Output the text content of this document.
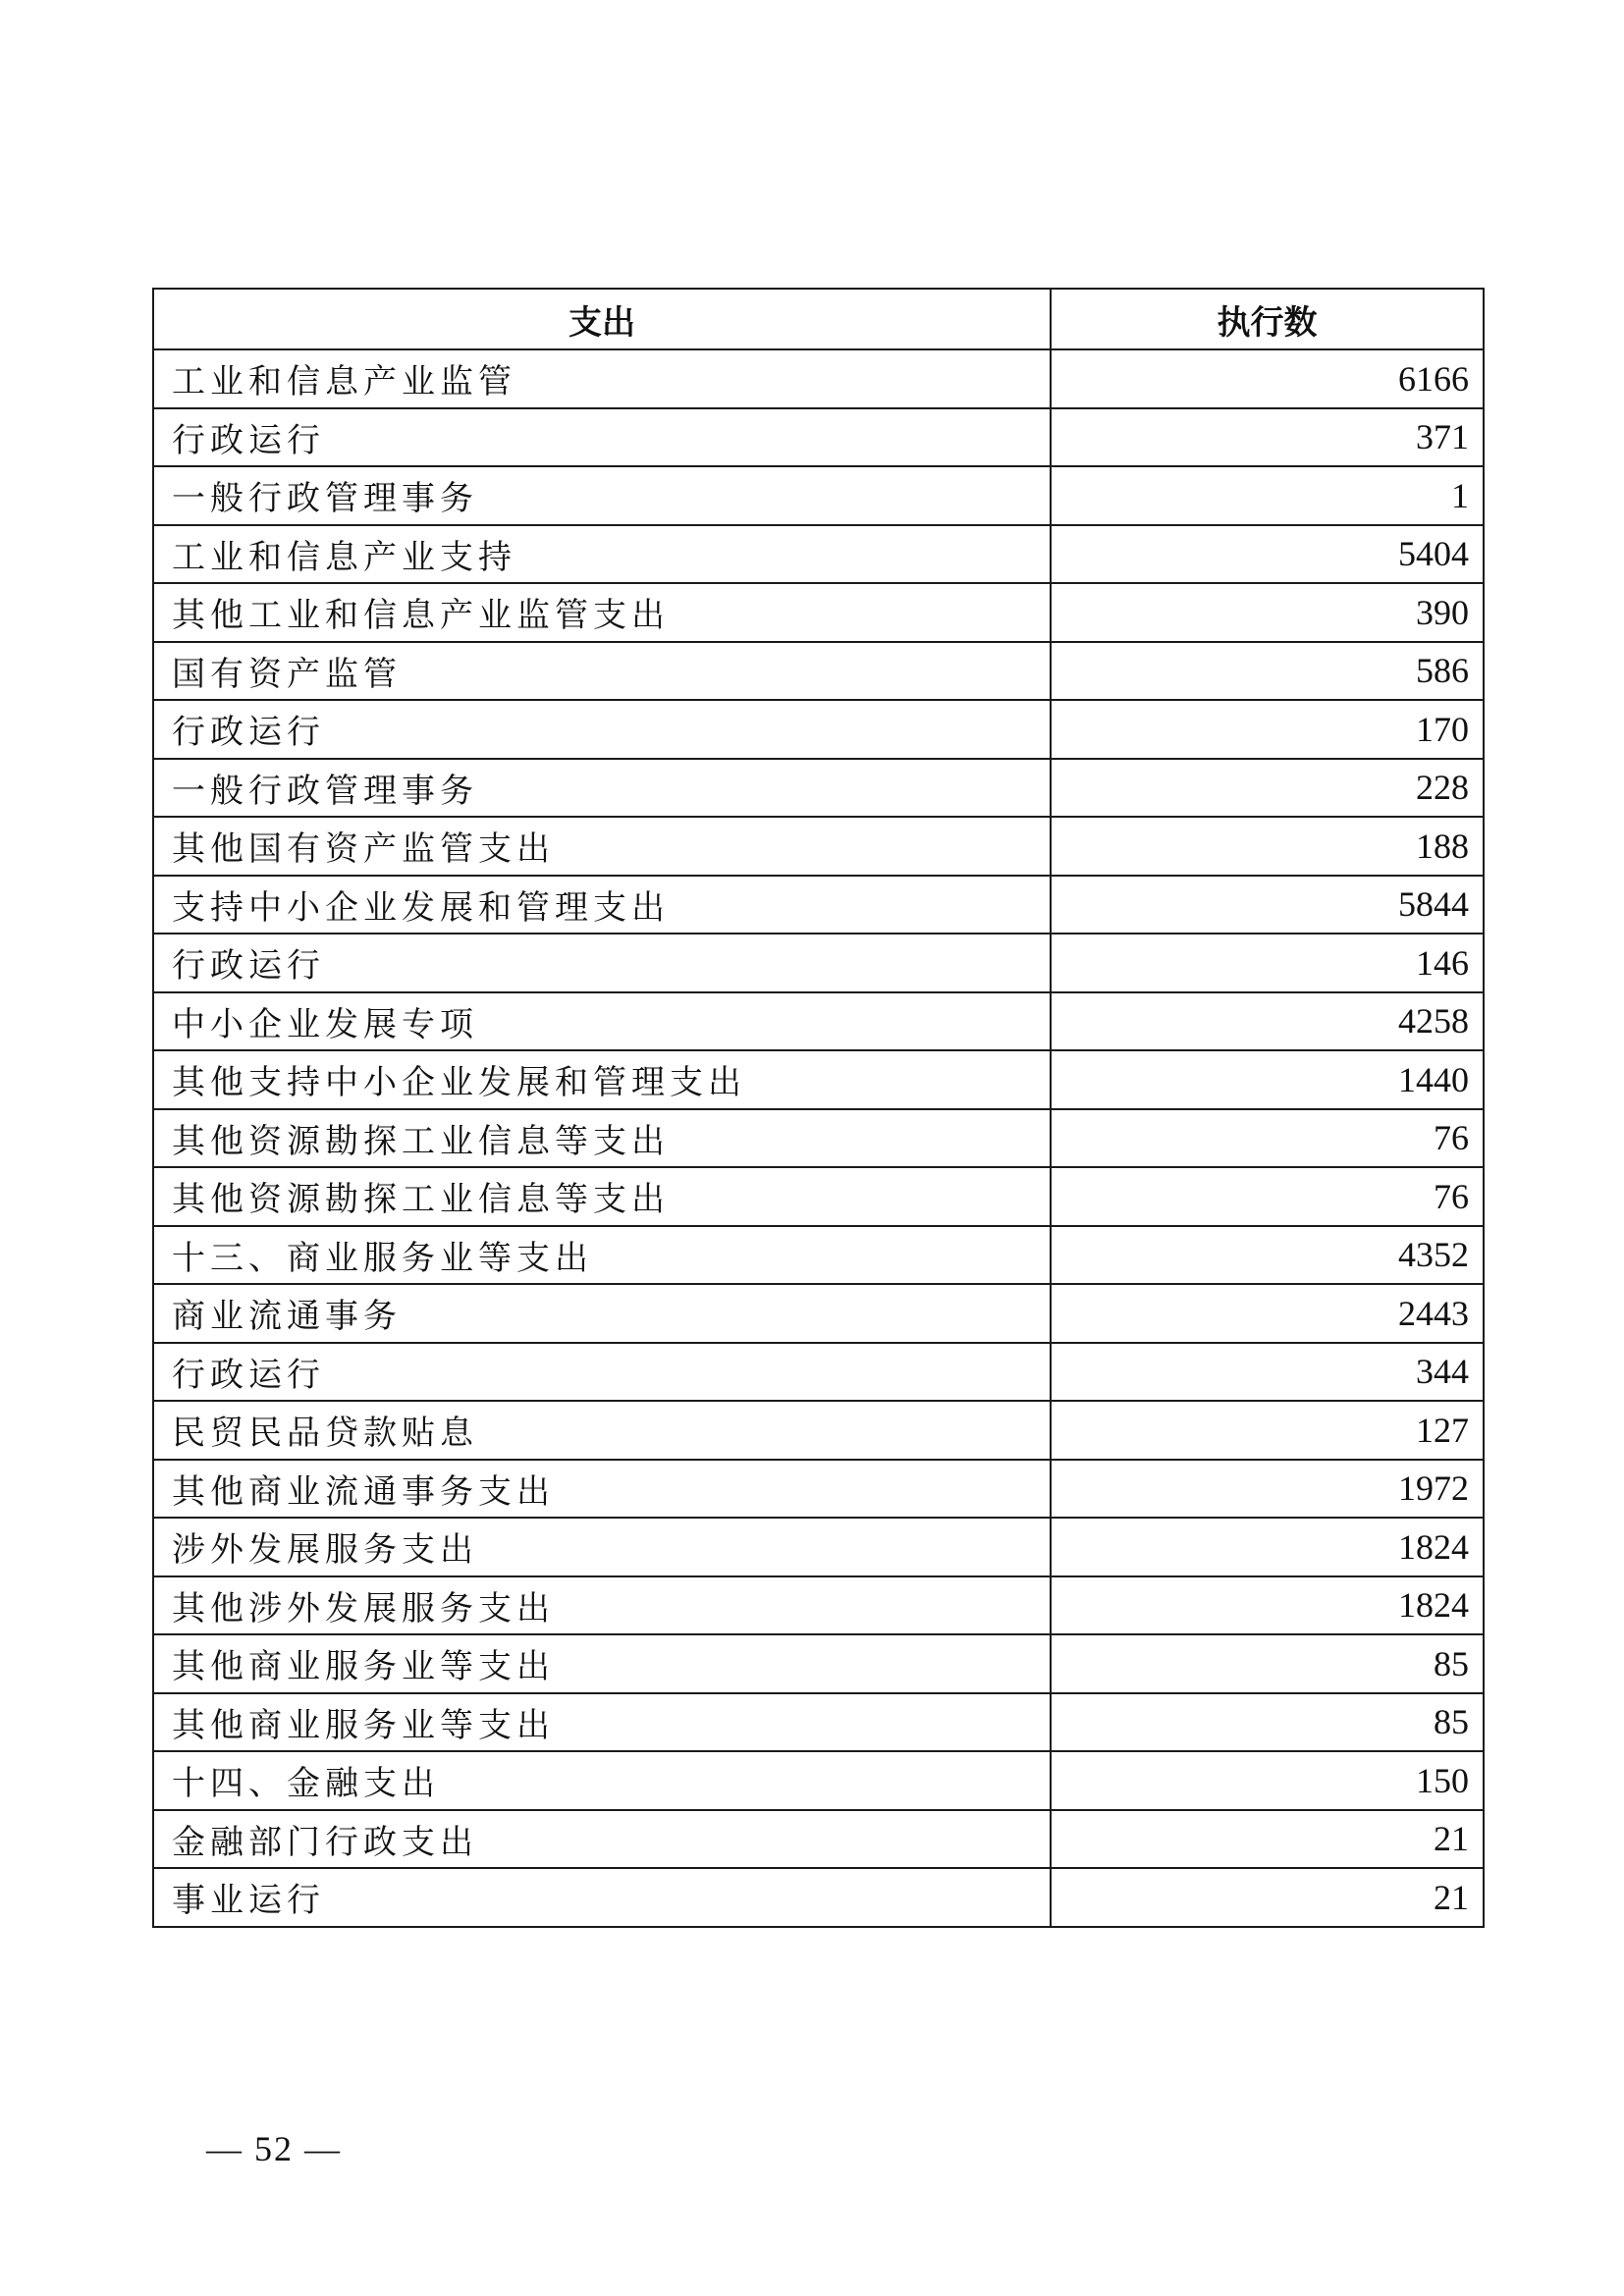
支出	执行数
工业和信息产业监管	6166
行政运行	371
一般行政管理事务	1
工业和信息产业支持	5404
其他工业和信息产业监管支出	390
国有资产监管	586
行政运行	170
一般行政管理事务	228
其他国有资产监管支出	188
支持中小企业发展和管理支出	5844
行政运行	146
中小企业发展专项	4258
其他支持中小企业发展和管理支出	1440
其他资源勘探工业信息等支出	76
其他资源勘探工业信息等支出	76
十三、商业服务业等支出	4352
商业流通事务	2443
行政运行	344
民贸民品贷款贴息	127
其他商业流通事务支出	1972
涉外发展服务支出	1824
其他涉外发展服务支出	1824
其他商业服务业等支出	85
其他商业服务业等支出	85
十四、金融支出	150
金融部门行政支出	21
事业运行	21
— 52 —
